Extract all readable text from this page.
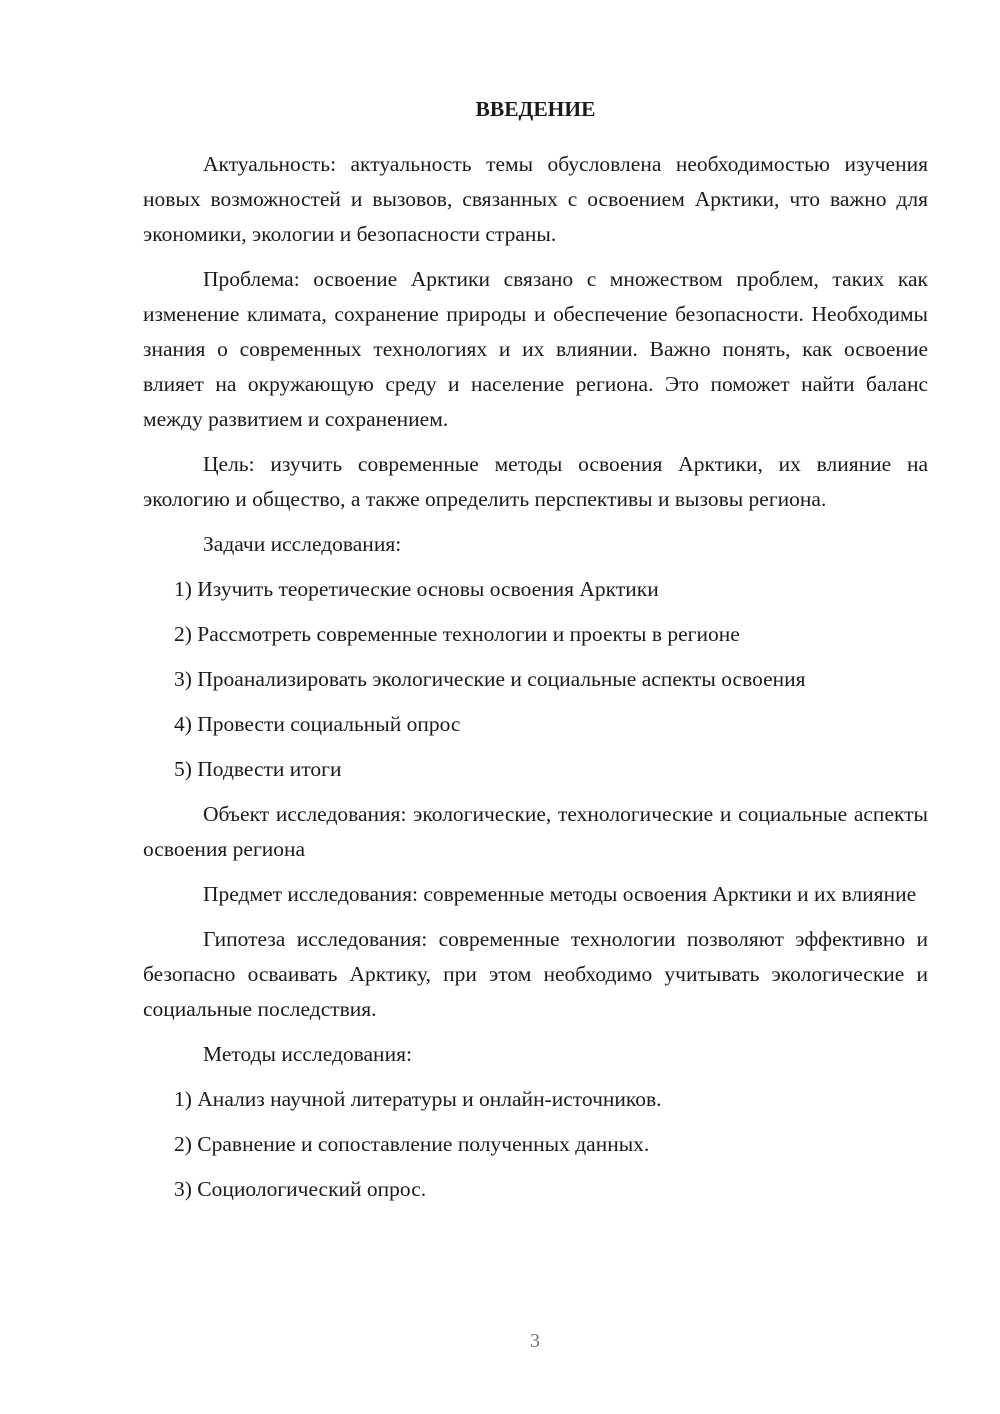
ВВЕДЕНИЕ

Актуальность: актуальность темы обусловлена необходимостью изучения новых возможностей и вызовов, связанных с освоением Арктики, что важно для экономики, экологии и безопасности страны.

Проблема: освоение Арктики связано с множеством проблем, таких как изменение климата, сохранение природы и обеспечение безопасности. Необходимы знания о современных технологиях и их влиянии. Важно понять, как освоение влияет на окружающую среду и население региона. Это поможет найти баланс между развитием и сохранением.

Цель: изучить современные методы освоения Арктики, их влияние на экологию и общество, а также определить перспективы и вызовы региона.

Задачи исследования:

1) Изучить теоретические основы освоения Арктики

2) Рассмотреть современные технологии и проекты в регионе

3) Проанализировать экологические и социальные аспекты освоения

4) Провести социальный опрос

5) Подвести итоги

Объект исследования: экологические, технологические и социальные аспекты освоения региона

Предмет исследования: современные методы освоения Арктики и их влияние

Гипотеза исследования: современные технологии позволяют эффективно и безопасно осваивать Арктику, при этом необходимо учитывать экологические и социальные последствия.

Методы исследования:

1) Анализ научной литературы и онлайн-источников.

2) Сравнение и сопоставление полученных данных.

3) Социологический опрос.

3
